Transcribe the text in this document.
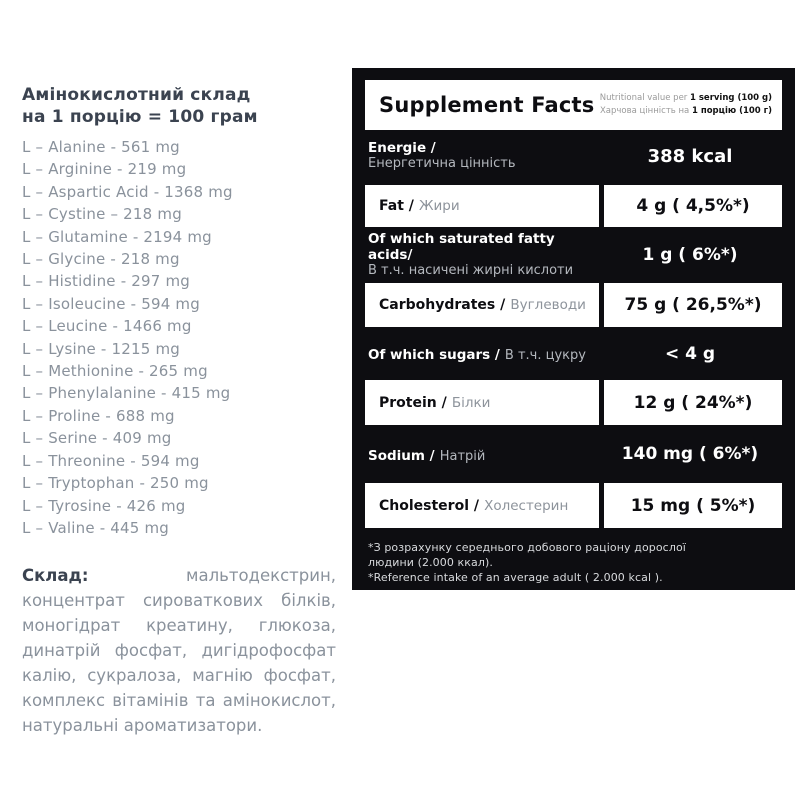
Амінокислотний склад
на 1 порцію = 100 грам
L – Alanine - 561 mg
L – Arginine - 219 mg
L – Aspartic Acid - 1368 mg
L – Cystine – 218 mg
L – Glutamine - 2194 mg
L – Glycine - 218 mg
L – Histidine - 297 mg
L – Isoleucine - 594 mg
L – Leucine - 1466 mg
L – Lysine - 1215 mg
L – Methionine - 265 mg
L – Phenylalanine - 415 mg
L – Proline - 688 mg
L – Serine - 409 mg
L – Threonine - 594 mg
L – Tryptophan - 250 mg
L – Tyrosine - 426 mg
L – Valine - 445 mg

Склад:	мальтодекстрин, концентрат сироваткових білків, моногідрат креатину, глюкоза, динатрій фосфат, дигідрофосфат калію, сукралоза, магнію фосфат, комплекс вітамінів та амінокислот, натуральні ароматизатори.

Supplement Facts Nutritional value per 1 serving (100 g)
Харчова цінність на 1 порцію (100 г)
Energie /
Енергетична цінність	388 kcal
Fat /
Жири	4 g ( 4,5%*)
Of which saturated fatty acids/
В т.ч. насичені жирні кислоти
1 g ( 6%*)
Carbohydrates /
Вуглеводи 75 g ( 26,5%*)
Of which sugars / В т.ч. цукру	< 4 g
Protein /
Білки	12 g ( 24%*)
Sodium / Натрій	140 mg ( 6%*)
Cholesterol /
Холестерин	15 mg ( 5%*)
*З розрахунку середнього добового раціону дорослої
людини (2.000 ккал).
*Reference intake of an average adult ( 2.000 kcal ).
